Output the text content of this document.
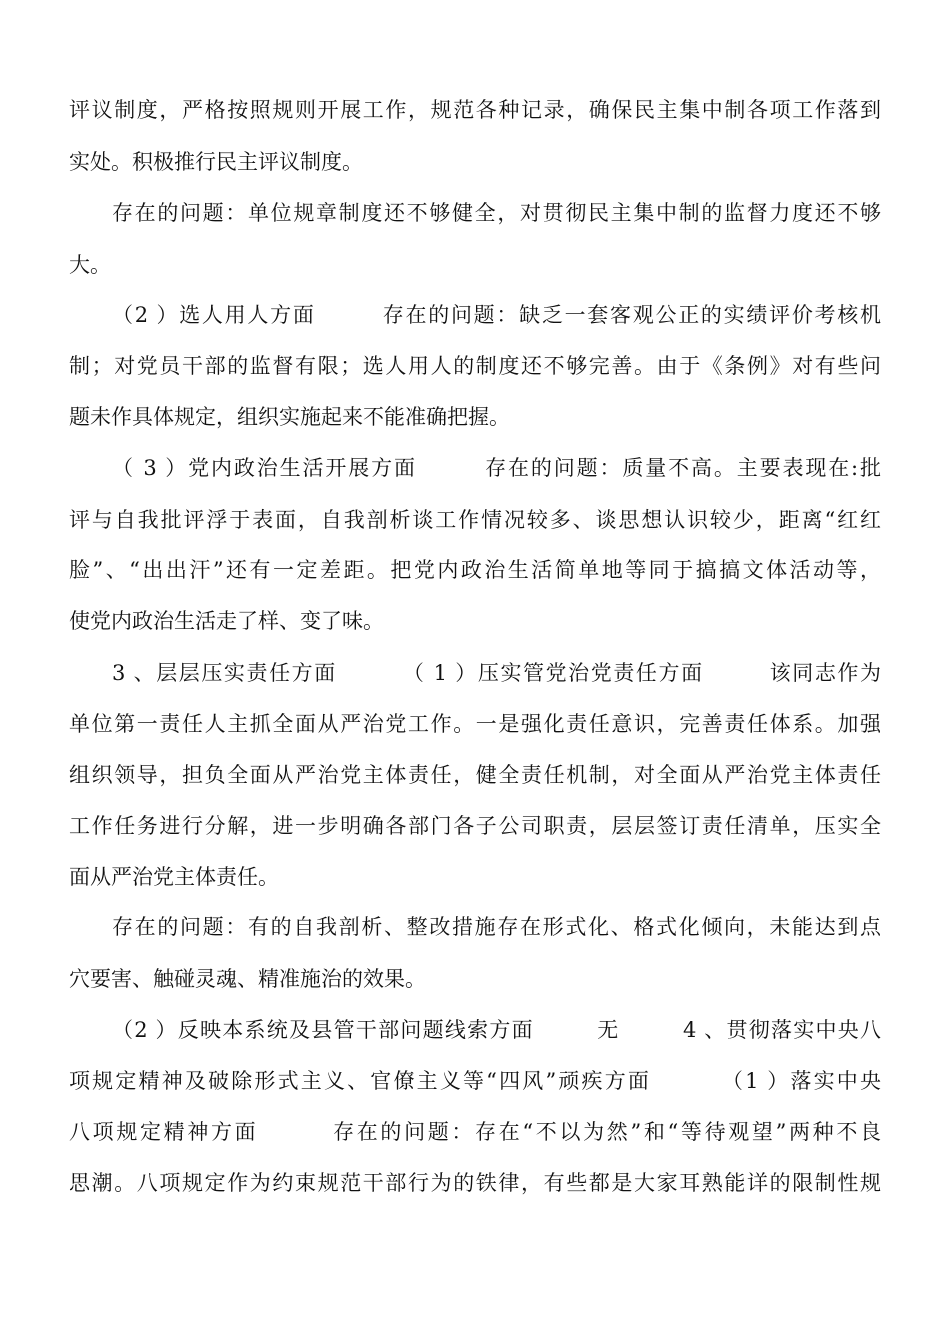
评议制度，严格按照规则开展工作，规范各种记录，确保民主集中制各项工作落到
实处。积极推行民主评议制度。
存在的问题：单位规章制度还不够健全，对贯彻民主集中制的监督力度还不够
大。
（2 ）选人用人方面        存在的问题：缺乏一套客观公正的实绩评价考核机
制；对党员干部的监督有限；选人用人的制度还不够完善。由于《条例》对有些问
题未作具体规定，组织实施起来不能准确把握。
（ 3 ）党内政治生活开展方面        存在的问题：质量不高。主要表现在:批
评与自我批评浮于表面，自我剖析谈工作情况较多、谈思想认识较少，距离“红红
脸”、“出出汗”还有一定差距。把党内政治生活简单地等同于搞搞文体活动等，
使党内政治生活走了样、变了味。
3 、层层压实责任方面        （ 1 ）压实管党治党责任方面        该同志作为
单位第一责任人主抓全面从严治党工作。一是强化责任意识，完善责任体系。加强
组织领导，担负全面从严治党主体责任，健全责任机制，对全面从严治党主体责任
工作任务进行分解，进一步明确各部门各子公司职责，层层签订责任清单，压实全
面从严治党主体责任。
存在的问题：有的自我剖析、整改措施存在形式化、格式化倾向，未能达到点
穴要害、触碰灵魂、精准施治的效果。
（2 ）反映本系统及县管干部问题线索方面        无        4 、贯彻落实中央八
项规定精神及破除形式主义、官僚主义等“四风”顽疾方面        （1 ）落实中央
八项规定精神方面        存在的问题：存在“不以为然”和“等待观望”两种不良
思潮。八项规定作为约束规范干部行为的铁律，有些都是大家耳熟能详的限制性规
